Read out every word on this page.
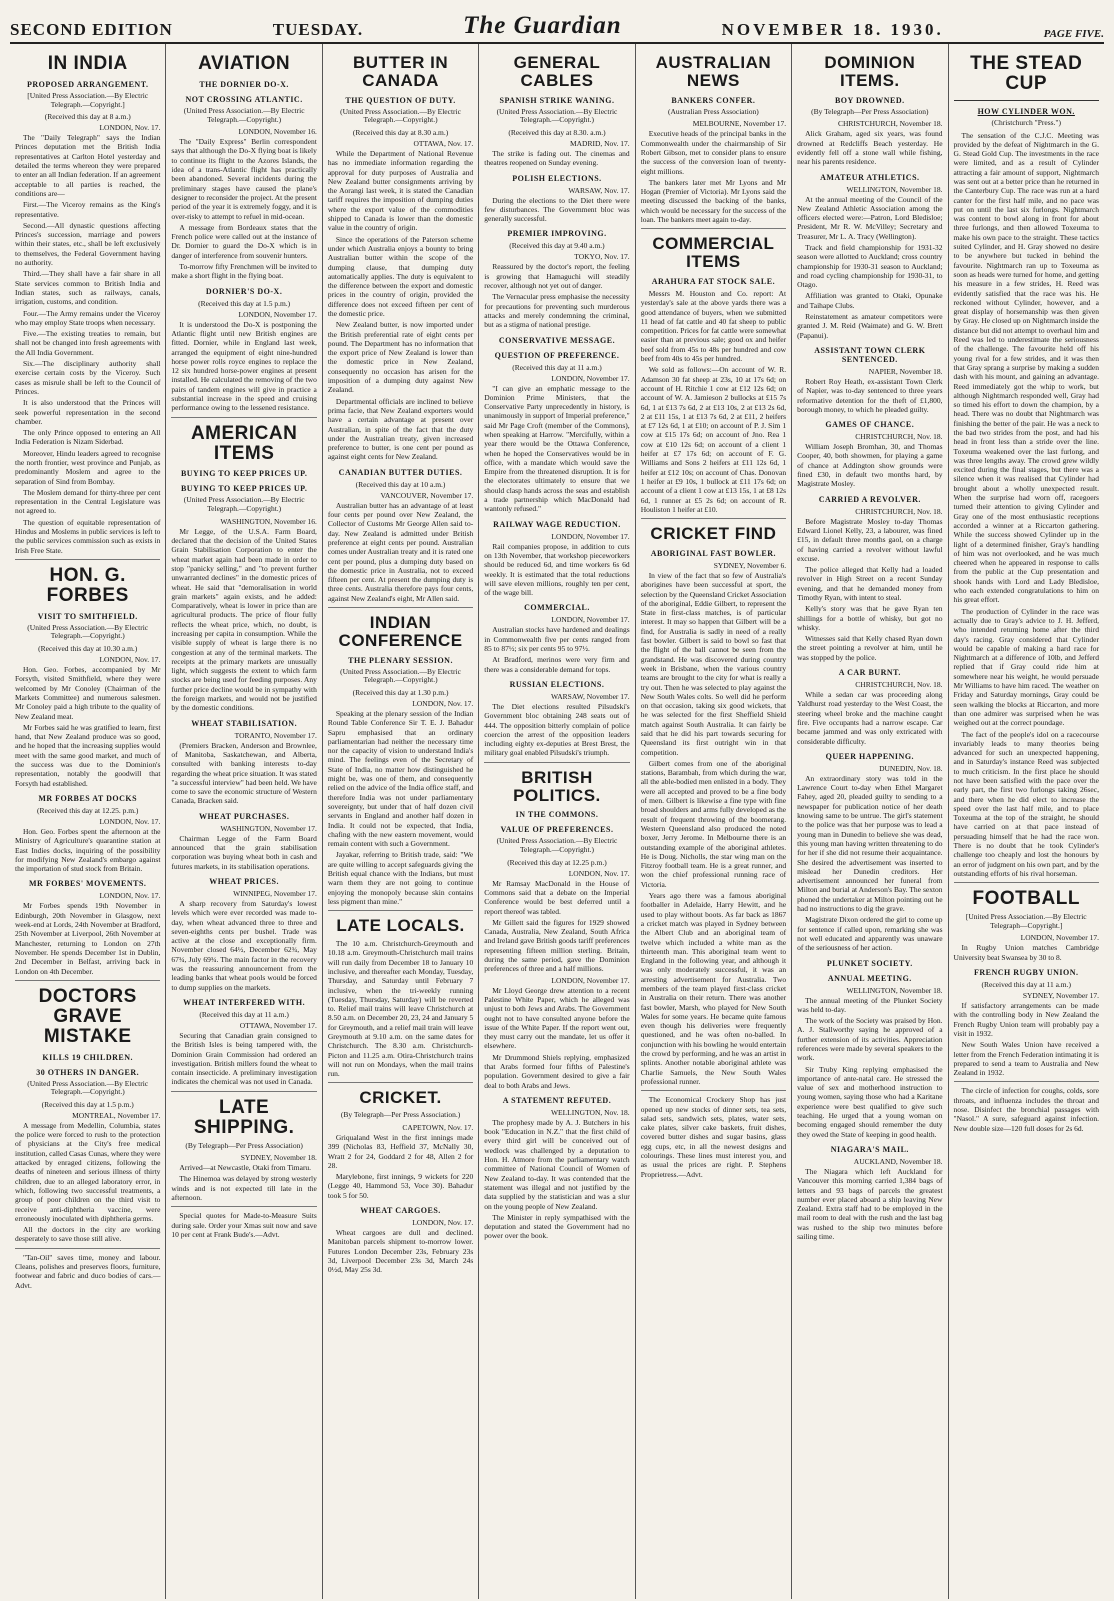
SECOND EDITION	TUESDAY.	The Guardian	NOVEMBER 18. 1930.	PAGE FIVE.
IN INDIA
PROPOSED ARRANGEMENT.
[United Press Association.—By Electric Telegraph.—Copyright.]
(Received this day at 8 a.m.)
LONDON, Nov. 17.

The "Daily Telegraph" says the Indian Princes deputation met the British India representatives at Carlton Hotel yesterday and detailed the terms whereon they were prepared to enter an all Indian federation. If an agreement acceptable to all parties is reached, the conditions are—

First.—The Viceroy remains as the King's representative.

Second.—All dynastic questions affecting Princes's succession, marriage and powers within their states, etc., shall be left exclusively to themselves, the Federal Government having no authority.

Third.—They shall have a fair share in all State services common to British India and Indian states, such as railways, canals, irrigation, customs, and condition.

Four.—The Army remains under the Viceroy who may employ State troops when necessary.

Five.—The existing treaties to remain, but shall not be changed into fresh agreements with the All India Government.

Six.—The disciplinary authority shall exercise certain costs by the Viceroy. Such cases as misrule shall be left to the Council of Princes.

It is also understood that the Princes will seek powerful representation in the second chamber.

The only Prince opposed to entering an All India Federation is Nizam Siderbad.

Moreover, Hindu leaders agreed to recognise the north frontier, west province and Punjab, as predominantly Moslem and agree to the separation of Sind from Bombay.

The Moslem demand for thirty-three per cent representation in the Central Legislature was not agreed to.

The question of equitable representation of Hindus and Moslems in public services is left to the public services commission such as exists in Irish Free State.

HON. G. FORBES
VISIT TO SMITHFIELD.
(United Press Association.—By Electric Telegraph.—Copyright.)
(Received this day at 10.30 a.m.)
LONDON, Nov. 17.

Hon. Geo. Forbes, accompanied by Mr Forsyth, visited Smithfield, where they were welcomed by Mr Conoley (Chairman of the Markets Committee) and numerous salesmen. Mr Conoley paid a high tribute to the quality of New Zealand meat.

Mr Forbes said he was gratified to learn, first hand, that New Zealand produce was so good, and he hoped that the increasing supplies would meet with the same good market, and much of the success was due to the Dominion's representation, notably the goodwill that Forsyth had established.

MR FORBES AT DOCKS
(Received this day at 12.25. p.m.)
LONDON, Nov. 17.

Hon. Geo. Forbes spent the afternoon at the Ministry of Agriculture's quarantine station at East Indies docks, inquiring of the possibility for modifying New Zealand's embargo against the importation of stud stock from Britain.

MR FORBES' MOVEMENTS.
LONDON, Nov. 17.

Mr Forbes spends 19th November in Edinburgh, 20th November in Glasgow, next week-end at Lords, 24th November at Bradford, 25th November at Liverpool, 26th November at Manchester, returning to London on 27th November. He spends December 1st in Dublin, 2nd December in Belfast, arriving back in London on 4th December.

DOCTORS GRAVE MISTAKE
KILLS 19 CHILDREN.
30 OTHERS IN DANGER.
(United Press Association.—By Electric Telegraph.—Copyright.)
(Received this day at 1.5 p.m.)
MONTREAL, November 17.

A message from Medellin, Columbia, states the police were forced to rush to the protection of physicians at the City's free medical institution, called Casas Cunas, where they were attacked by enraged citizens, following the deaths of nineteen and serious illness of thirty children, due to an alleged laboratory error, in which, following two successful treatments, a group of poor children on the third visit to receive anti-diphtheria vaccine, were erroneously inoculated with diphtheria germs.

All the doctors in the city are working desperately to save those still alive.

"Tan-Oil" saves time, money and labour. Cleans, polishes and preserves floors, furniture, footwear and fabric and duco bodies of cars.—Advt.

AVIATION
THE DORNIER DO-X.
NOT CROSSING ATLANTIC.
(United Press Association.—By Electric Telegraph.—Copyright.)
LONDON, November 16.

The "Daily Express" Berlin correspondent says that although the Do-X flying boat is likely to continue its flight to the Azores Islands, the idea of a trans-Atlantic flight has practically been abandoned. Several incidents during the preliminary stages have caused the plane's designer to reconsider the project. At the present period of the year it is extremely foggy, and it is over-risky to attempt to refuel in mid-ocean.

A message from Bordeaux states that the French police were called out at the instance of Dr. Dornier to guard the Do-X which is in danger of interference from souvenir hunters.

To-morrow fifty Frenchmen will be invited to make a short flight in the flying boat.

DORNIER'S DO-X.
(Received this day at 1.5 p.m.)
LONDON, November 17.

It is understood the Do-X is postponing the Atlantic flight until new British engines are fitted. Dornier, while in England last week, arranged the equipment of eight nine-hundred horse power rolls royce engines to replace the 12 six hundred horse-power engines at present installed. He calculated the removing of the two pairs of tandem engines will give in practice a substantial increase in the speed and cruising performance owing to the lessened resistance.

AMERICAN ITEMS
BUYING TO KEEP PRICES UP.
BUYING TO KEEP PRICES UP.
(United Press Association.—By Electric Telegraph.—Copyright.)
WASHINGTON, November 16.

Mr Legge, of the U.S.A. Farm Board, declared that the decision of the United States Grain Stabilisation Corporation to enter the wheat market again had been made in order to stop "panicky selling," and "to prevent further unwarranted declines" in the domestic prices of wheat. He said that "demoralisation in world grain markets" again exists, and he added: Comparatively, wheat is lower in price than are agricultural products. The price of flour fully reflects the wheat price, which, no doubt, is increasing per capita in consumption. While the visible supply of wheat is large there is no congestion at any of the terminal markets. The receipts at the primary markets are unusually light, which suggests the extent to which farm stocks are being used for feeding purposes. Any further price decline would be in sympathy with the foreign markets, and would not be justified by the domestic conditions.

WHEAT STABILISATION.
TORANTO, November 17.

(Premiers Bracken, Anderson and Brownlee, of Manitoba, Saskatchewan, and Alberta, consulted with banking interests to-day regarding the wheat price situation. It was stated "a successful interview" had been held. We have come to save the economic structure of Western Canada, Bracken said.

WHEAT PURCHASES.
WASHINGTON, November 17.

Chairman Legge of the Farm Board announced that the grain stabilisation corporation was buying wheat both in cash and futures markets, in its stabilisation operations.

WHEAT PRICES.
WINNIPEG, November 17.

A sharp recovery from Saturday's lowest levels which were ever recorded was made to-day, when wheat advanced three to three and seven-eighths cents per bushel. Trade was active at the close and exceptionally firm. November closed 64½, December 62¾, May 67¾, July 69¾. The main factor in the recovery was the reassuring announcement from the leading banks that wheat pools would be forced to dump supplies on the markets.

WHEAT INTERFERED WITH.
(Received this day at 11 a.m.)
OTTAWA, November 17.

Securing that Canadian grain consigned to the British Isles is being tampered with, the Dominion Grain Commission had ordered an investigation. British millers found the wheat to contain insecticide. A preliminary investigation indicates the chemical was not used in Canada.

LATE SHIPPING.
(By Telegraph—Per Press Association)
SYDNEY, November 18.

Arrived—at Newcastle, Otaki from Timaru.

The Hinemoa was delayed by strong westerly winds and is not expected till late in the afternoon.

Special quotes for Made-to-Measure Suits during sale. Order your Xmas suit now and save 10 per cent at Frank Bude's.—Advt.

BUTTER IN CANADA
THE QUESTION OF DUTY.
(United Press Association.—By Electric Telegraph.—Copyright.)
(Received this day at 8.30 a.m.)
OTTAWA, Nov. 17.

While the Department of National Revenue has no immediate information regarding the approval for duty purposes of Australia and New Zealand butter consignments arriving by the Aorangi last week, it is stated the Canadian tariff requires the imposition of dumping duties where the export value of the commodities shipped to Canada is lower than the domestic value in the country of origin.

Since the operations of the Paterson scheme under which Australia enjoys a bounty to bring Australian butter within the scope of the dumping clause, that dumping duty automatically applies. The duty is equivalent to the difference between the export and domestic prices in the country of origin, provided the difference does not exceed fifteen per cent of the domestic price.

New Zealand butter, is now imported under the British preferential rate of eight cents per pound. The Department has no information that the export price of New Zealand is lower than the domestic price in New Zealand, consequently no occasion has arisen for the imposition of a dumping duty against New Zealand.

Departmental officials are inclined to believe prima facie, that New Zealand exporters would have a certain advantage at present over Australian, in spite of the fact that the duty under the Australian treaty, given increased preference to butter, is one cent per pound as against eight cents for New Zealand.

CANADIAN BUTTER DUTIES.
(Received this day at 10 a.m.)
VANCOUVER, November 17.

Australian butter has an advantage of at least four cents per pound over New Zealand, the Collector of Customs Mr George Allen said to-day. New Zealand is admitted under British preference at eight cents per pound. Australian comes under Australian treaty and it is rated one cent per pound, plus a dumping duty based on the domestic price in Australia, not to exceed fifteen per cent. At present the dumping duty is three cents. Australia therefore pays four cents, against New Zealand's eight, Mr Allen said.

INDIAN CONFERENCE
THE PLENARY SESSION.
(United Press Association.—By Electric Telegraph.—Copyright.)
(Received this day at 1.30 p.m.)
LONDON, Nov. 17.

Speaking at the plenary session of the Indian Round Table Conference Sir T. E. J. Bahadur Sapru emphasised that an ordinary parliamentarian had neither the necessary time nor the capacity of vision to understand India's mind. The feelings even of the Secretary of State of India, no matter how distinguished he might be, was one of them, and consequently relied on the advice of the India office staff, and therefore India was not under parliamentary sovereignty, but under that of half dozen civil servants in England and another half dozen in India. It could not be expected, that India, chafing with the new eastern movement, would remain content with such a Government.

Jayakar, referring to British trade, said: "We are quite willing to accept safeguards giving the British equal chance with the Indians, but must warn them they are not going to continue enjoying the monopoly because skin contains less pigment than mine."

LATE LOCALS.

The 10 a.m. Christchurch-Greymouth and 10.18 a.m. Greymouth-Christchurch mail trains will run daily from December 18 to January 10 inclusive, and thereafter each Monday, Tuesday, Thursday, and Saturday until February 7 inclusive, when the tri-weekly running (Tuesday, Thursday, Saturday) will be reverted to. Relief mail trains will leave Christchurch at 8.50 a.m. on December 20, 23, 24 and January 5 for Greymouth, and a relief mail train will leave Greymouth at 9.10 a.m. on the same dates for Christchurch. The 8.30 a.m. Christchurch-Picton and 11.25 a.m. Otira-Christchurch trains will not run on Mondays, when the mail trains run.

CRICKET.
(By Telegraph—Per Press Association.)
CAPETOWN, Nov. 17.

Griqualand West in the first innings made 399 (Nicholas 83, Heffield 37, McNally 30, Wratt 2 for 24, Goddard 2 for 48, Allen 2 for 28.

Marylebone, first innings, 9 wickets for 220 (Legge 40, Hammond 53, Voce 30). Bahadur took 5 for 50.

WHEAT CARGOES.
LONDON, Nov. 17.

Wheat cargoes are dull and declined. Manitoban parcels shipment to-morrow lower. Futures London December 23s, February 23s 3d, Liverpool December 23s 3d, March 24s 0½d, May 25s 3d.

GENERAL CABLES
SPANISH STRIKE WANING.
(United Press Association.—By Electric Telegraph.—Copyright.)
(Received this day at 8.30. a.m.)
MADRID, Nov. 17.

The strike is fading out. The cinemas and theatres reopened on Sunday evening.

POLISH ELECTIONS.
WARSAW, Nov. 17.

During the elections to the Diet there were few disturbances. The Government bloc was generally successful.

PREMIER IMPROVING.
(Received this day at 9.40 a.m.)
TOKYO, Nov. 17.

Reassured by the doctor's report, the feeling is growing that Hamaguchi will steadily recover, although not yet out of danger.

The Vernacular press emphasise the necessity for precautions for preventing such murderous attacks and merely condemning the criminal, but as a stigma of national prestige.

CONSERVATIVE MESSAGE.
QUESTION OF PREFERENCE.
(Received this day at 11 a.m.)
LONDON, November 17.

"I can give an emphatic message to the Dominion Prime Ministers, that the Conservative Party unprecedently in history, is unanimously in support of Imperial preference," said Mr Page Croft (member of the Commons), when speaking at Harrow. "Mercifully, within a year there would be the Ottawa Conference, when he hoped the Conservatives would be in office, with a mandate which would save the Empire from the threatened disruption. It is for the electorates ultimately to ensure that we should clasp hands across the seas and establish a trade partnership which MacDonald had wantonly refused."

RAILWAY WAGE REDUCTION.
LONDON, November 17.

Rail companies propose, in addition to cuts on 13th November, that workshop pieceworkers should be reduced 6d, and time workers 6s 6d weekly. It is estimated that the total reductions will save eleven millions, roughly ten per cent, of the wage bill.

COMMERCIAL.
LONDON, November 17.

Australian stocks have hardened and dealings in Commonwealth five per cents ranged from 85 to 87½; six per cents 95 to 97½.

At Bradford, merinos were very firm and there was a considerable demand for tops.

RUSSIAN ELECTIONS.
WARSAW, November 17.

The Diet elections resulted Pilsudski's Government bloc obtaining 248 seats out of 444. The opposition bitterly complain of police coercion the arrest of the opposition leaders including eighty ex-deputies at Brest Brest, the military goal enabled Pilsudski's triumph.

BRITISH POLITICS.
IN THE COMMONS.
VALUE OF PREFERENCES.
(United Press Association.—By Electric Telegraph.—Copyright.)
(Received this day at 12.25 p.m.)
LONDON, Nov. 17.

Mr Ramsay MacDonald in the House of Commons said that a debate on the Imperial Conference would be best deferred until a report thereof was tabled.

Mr Gillett said the figures for 1929 showed Canada, Australia, New Zealand, South Africa and Ireland gave British goods tariff preferences representing fifteen million sterling. Britain, during the same period, gave the Dominion preferences of three and a half millions.

LONDON, November 17.

Mr Lloyd George drew attention to a recent Palestine White Paper, which he alleged was unjust to both Jews and Arabs. The Government ought not to have consulted anyone before the issue of the White Paper. If the report went out, they must carry out the mandate, let us offer it elsewhere.

Mr Drummond Shiels replying, emphasized that Arabs formed four fifths of Palestine's population. Government desired to give a fair deal to both Arabs and Jews.

A STATEMENT REFUTED.
WELLINGTON, Nov. 18.

The prophesy made by A. J. Butchers in his book "Education in N.Z." that the first child of every third girl will be conceived out of wedlock was challenged by a deputation to Hon. H. Atmore from the parliamentary watch committee of National Council of Women of New Zealand to-day. It was contended that the statement was illegal and not justified by the data supplied by the statistician and was a slur on the young people of New Zealand.

The Minister in reply sympathised with the deputation and stated the Government had no power over the book.

AUSTRALIAN NEWS
BANKERS CONFER.
(Australian Press Association)
MELBOURNE, November 17.

Executive heads of the principal banks in the Commonwealth under the chairmanship of Sir Robert Gibson, met to consider plans to ensure the success of the conversion loan of twenty-eight millions.

The bankers later met Mr Lyons and Mr Hogan (Premier of Victoria). Mr Lyons said the meeting discussed the backing of the banks, which would be necessary for the success of the loan. The bankers meet again to-day.

COMMERCIAL ITEMS
ARAHURA FAT STOCK SALE.

Messrs M. Houston and Co. report: At yesterday's sale at the above yards there was a good attendance of buyers, when we submitted 11 head of fat cattle and 40 fat sheep to public competition. Prices for fat cattle were somewhat easier than at previous sale; good ox and heifer beef sold from 45s to 48s per hundred and cow beef from 40s to 45s per hundred.

We sold as follows:—On account of W. R. Adamson 30 fat sheep at 23s, 10 at 17s 6d; on account of H. Ritchie 1 cow at £12 12s 6d; on account of W. A. Jamieson 2 bullocks at £15 7s 6d, 1 at £13 7s 6d, 2 at £13 10s, 2 at £13 2s 6d, 2 at £11 15s, 1 at £13 7s 6d, 2 at £11, 2 heifers at £7 12s 6d, 1 at £10; on account of P. J. Sim 1 cow at £15 17s 6d; on account of Jno. Rea 1 cow at £10 12s 6d; on account of a client 1 heifer at £7 17s 6d; on account of F. G. Williams and Sons 2 heifers at £11 12s 6d, 1 heifer at £12 10s; on account of Chas. Donovan 1 heifer at £9 10s, 1 bullock at £11 17s 6d; on account of a client 1 cow at £13 15s, 1 at £8 12s 6d, 1 runner at £5 2s 6d; on account of R. Houliston 1 heifer at £10.

CRICKET FIND
ABORIGINAL FAST BOWLER.
SYDNEY, November 6.

In view of the fact that so few of Australia's aborigines have been successful at sport, the selection by the Queensland Cricket Association of the aboriginal, Eddie Gilbert, to represent the State in first-class matches, is of particular interest. It may so happen that Gilbert will be a find, for Australia is sadly in need of a really fast bowler. Gilbert is said to bowl so fast that the flight of the ball cannot be seen from the grandstand. He was discovered during country week in Brisbane, when the various country teams are brought to the city for what is really a try out. Then he was selected to play against the New South Wales colts. So well did he perform on that occasion, taking six good wickets, that he was selected for the first Sheffield Shield match against South Australia. It can fairly be said that he did his part towards securing for Queensland its first outright win in that competition.

Gilbert comes from one of the aboriginal stations, Barambah, from which during the war, all the able-bodied men enlisted in a body. They were all accepted and proved to be a fine body of men. Gilbert is likewise a fine type with fine broad shoulders and arms fully developed as the result of frequent throwing of the boomerang. Western Queensland also produced the noted boxer, Jerry Jerome. In Melbourne there is an outstanding example of the aboriginal athletes. He is Doug. Nicholls, the star wing man on the Fitzroy football team. He is a great runner, and won the chief professional running race of Victoria.

Years ago there was a famous aboriginal footballer in Adelaide, Harry Hewitt, and he used to play without boots. As far back as 1867 a cricket match was played in Sydney between the Albert Club and an aboriginal team of twelve which included a white man as the thirteenth man. This aboriginal team went to England in the following year, and although it was only moderately successful, it was an arresting advertisement for Australia. Two members of the team played first-class cricket in Australia on their return. There was another fast bowler, Marsh, who played for New South Wales for some years. He became quite famous even though his deliveries were frequently questioned, and he was often no-balled. In conjunction with his bowling he would entertain the crowd by performing, and he was an artist in splints. Another notable aboriginal athlete was Charlie Samuels, the New South Wales professional runner.

The Economical Crockery Shop has just opened up new stocks of dinner sets, tea sets, salad sets, sandwich sets, plates, water sets, cake plates, silver cake baskets, fruit dishes, covered butter dishes and sugar basins, glass egg cups, etc, in all the newest designs and colourings. These lines must interest you, and as usual the prices are right. P. Stephens Proprietress.—Advt.

DOMINION ITEMS.
BOY DROWNED.
(By Telegraph—Per Press Association)
CHRISTCHURCH, November 18.

Alick Graham, aged six years, was found drowned at Redcliffs Beach yesterday. He evidently fell off a stone wall while fishing, near his parents residence.

AMATEUR ATHLETICS.
WELLINGTON, November 18.

At the annual meeting of the Council of the New Zealand Athletic Association among the officers elected were:—Patron, Lord Bledisloe; President, Mr R. W. McVilley; Secretary and Treasurer, Mr L. A. Tracy (Wellington).

Track and field championship for 1931-32 season were allotted to Auckland; cross country championship for 1930-31 season to Auckland; and road cycling championship for 1930-31, to Otago.

Affiliation was granted to Otaki, Opunake and Taihape Clubs.

Reinstatement as amateur competitors were granted J. M. Reid (Waimate) and G. W. Brett (Papanui).

ASSISTANT TOWN CLERK SENTENCED.
NAPIER, November 18.

Robert Roy Heath, ex-assistant Town Clerk of Napier, was to-day sentenced to three years reformative detention for the theft of £1,800, borough money, to which he pleaded guilty.

GAMES OF CHANCE.
CHRISTCHURCH, Nov. 18.

William Joseph Bromhan, 30, and Thomas Cooper, 40, both showmen, for playing a game of chance at Addington show grounds were fined £30, in default two months hard, by Magistrate Mosley.

CARRIED A REVOLVER.
CHRISTCHURCH, Nov. 18.

Before Magistrate Mosley to-day Thomas Edward Lionel Kelly, 23, a labourer, was fined £15, in default three months gaol, on a charge of having carried a revolver without lawful excuse.

The police alleged that Kelly had a loaded revolver in High Street on a recent Sunday evening, and that he demanded money from Timothy Ryan, with intent to steal.

Kelly's story was that he gave Ryan ten shillings for a bottle of whisky, but got no whisky.

Witnesses said that Kelly chased Ryan down the street pointing a revolver at him, until he was stopped by the police.

A CAR BURNT.
CHRISTCHURCH, Nov. 18.

While a sedan car was proceeding along Yaldhurst road yesterday to the West Coast, the steering wheel broke and the machine caught fire. Five occupants had a narrow escape. Car became jammed and was only extricated with considerable difficulty.

QUEER HAPPENING.
DUNEDIN, Nov. 18.

An extraordinary story was told in the Lawrence Court to-day when Ethel Margaret Fahey, aged 20, pleaded guilty to sending to a newspaper for publication notice of her death knowing same to be untrue. The girl's statement to the police was that her purpose was to lead a young man in Dunedin to believe she was dead, this young man having written threatening to do for her if she did not resume their acquaintance. She desired the advertisement was inserted to mislead her Dunedin creditors. Her advertisement announced her funeral from Milton and burial at Anderson's Bay. The sexton phoned the undertaker at Milton pointing out he had no instructions to dig the grave.

Magistrate Dixon ordered the girl to come up for sentence if called upon, remarking she was not well educated and apparently was unaware of the seriousness of her action.

PLUNKET SOCIETY.
ANNUAL MEETING.
WELLINGTON, November 18.

The annual meeting of the Plunket Society was held to-day.

The work of the Society was praised by Hon. A. J. Stallworthy saying he approved of a further extension of its activities. Appreciation references were made by several speakers to the work.

Sir Truby King replying emphasised the importance of ante-natal care. He stressed the value of sex and motherhood instruction to young women, saying those who had a Karitane experience were best qualified to give such teaching. He urged that a young woman on becoming engaged should remember the duty they owed the State of keeping in good health.

NIAGARA'S MAIL.
AUCKLAND, November 18.

The Niagara which left Auckland for Vancouver this morning carried 1,384 bags of letters and 93 bags of parcels the greatest number ever placed aboard a ship leaving New Zealand. Extra staff had to be employed in the mail room to deal with the rush and the last bag was rushed to the ship two minutes before sailing time.

THE STEAD CUP
HOW CYLINDER WON.
(Christchurch "Press.")

The sensation of the C.J.C. Meeting was provided by the defeat of Nightmarch in the G. G. Stead Gold Cup. The investments in the race were limited, and as a result of Cylinder attracting a fair amount of support, Nightmarch was sent out at a better price than he returned in the Canterbury Cup. The race was run at a hard canter for the first half mile, and no pace was put on until the last six furlongs. Nightmarch was content to bowl along in front for about three furlongs, and then allowed Toxeuma to make his own pace to the straight. These tactics suited Cylinder, and H. Gray showed no desire to be anywhere but tucked in behind the favourite. Nightmarch ran up to Toxeuma as soon as heads were turned for home, and getting his measure in a few strides, H. Reed was evidently satisfied that the race was his. He reckoned without Cylinder, however, and a great display of horsemanship was then given by Gray. He closed up on Nightmarch inside the distance but did not attempt to overhaul him and Reed was led to underestimate the seriousness of the challenge. The favourite held off his young rival for a few strides, and it was then that Gray sprang a surprise by making a sudden dash with his mount, and gaining an advantage. Reed immediately got the whip to work, but although Nightmarch responded well, Gray had so timed his effort to down the champion, by a head. There was no doubt that Nightmarch was finishing the better of the pair. He was a neck to the bad two strides from the post, and had his head in front less than a stride over the line. Toxeuma weakened over the last furlong, and was three lengths away. The crowd grew wildly excited during the final stages, but there was a silence when it was realised that Cylinder had brought about a wholly unexpected result. When the surprise had worn off, racegoers turned their attention to giving Cylinder and Gray one of the most enthusiastic receptions accorded a winner at a Riccarton gathering. While the success showed Cylinder up in the light of a determined finisher, Gray's handling of him was not overlooked, and he was much cheered when he appeared in response to calls from the public at the Cup presentation and shook hands with Lord and Lady Bledisloe, who each extended congratulations to him on his great effort.

The production of Cylinder in the race was actually due to Gray's advice to J. H. Jefferd, who intended returning home after the third day's racing. Gray considered that Cylinder would be capable of making a hard race for Nightmarch at a difference of 10lb, and Jefferd replied that if Gray could ride him at somewhere near his weight, he would persuade Mr Williams to have him raced. The weather on Friday and Saturday mornings, Gray could be seen walking the blocks at Riccarton, and more than one admirer was surprised when he was weighed out at the correct poundage.

The fact of the people's idol on a racecourse invariably leads to many theories being advanced for such an unexpected happening, and in Saturday's instance Reed was subjected to much criticism. In the first place he should not have been satisfied with the pace over the early part, the first two furlongs taking 26sec, and there when he did elect to increase the speed over the last half mile, and to place Toxeuma at the top of the straight, he should have carried on at that pace instead of persuading himself that he had the race won. There is no doubt that he took Cylinder's challenge too cheaply and lost the honours by an error of judgment on his own part, and by the outstanding efforts of his rival horseman.

FOOTBALL
[United Press Association.—By Electric Telegraph—Copyright.]
LONDON, November 17.

In Rugby Union matches Cambridge University beat Swansea by 30 to 8.

FRENCH RUGBY UNION.
(Received this day at 11 a.m.)
SYDNEY, November 17.

If satisfactory arrangements can be made with the controlling body in New Zealand the French Rugby Union team will probably pay a visit in 1932.

New South Wales Union have received a letter from the French Federation intimating it is prepared to send a team to Australia and New Zealand in 1932.

The circle of infection for coughs, colds, sore throats, and influenza includes the throat and nose. Disinfect the bronchial passages with "Nasol." A sure, safeguard against infection. New double size—120 full doses for 2s 6d.
